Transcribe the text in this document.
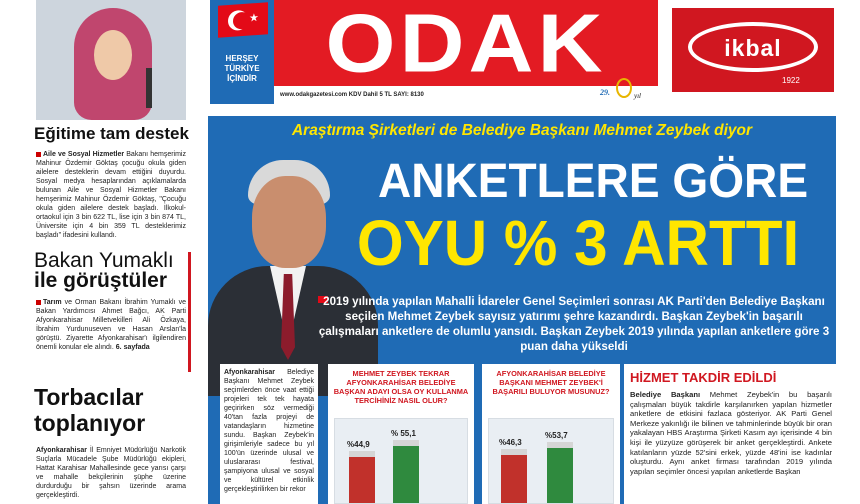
Eğitime tam destek

Aile ve Sosyal Hizmetler Bakanı hemşerimiz Mahinur Özdemir Göktaş çocuğu okula giden ailelere desteklerin devam ettiğini duyurdu. Sosyal medya hesaplarından açıklamalarda bulunan Aile ve Sosyal Hizmetler Bakanı hemşerimiz Mahinur Özdemir Göktaş, "Çocuğu okula giden ailelere destek başladı. İlkokul-ortaokul için 3 bin 622 TL, lise için 3 bin 874 TL, Üniversite için 4 bin 359 TL desteklerimiz başladı" ifadesini kullandı.

Bakan Yumaklı
ile görüştüler

Tarım ve Orman Bakanı İbrahim Yumaklı ve Bakan Yardımcısı Ahmet Bağcı, AK Parti Afyonkarahisar Milletvekilleri Ali Özkaya, İbrahim Yurdunuseven ve Hasan Arslan'la görüştü. Ziyarette Afyonkarahisar'ı ilgilendiren önemli konular ele alındı. 6. sayfada

Torbacılar
toplanıyor

Afyonkarahisar İl Emniyet Müdürlüğü Narkotik Suçlarla Mücadele Şube Müdürlüğü ekipleri, Hattat Karahisar Mahallesinde gece yarısı çarşı ve mahalle bekçilerinin şüphe üzerine durdurduğu bir şahsın üzerinde arama gerçekleştirdi.

★
HERŞEY
TÜRKİYE
İÇİNDİR ODAK
www.odakgazetesi.com KDV Dahil 5 TL SAYI: 8130	29.	yıl
ikbal
1922
Araştırma Şirketleri de Belediye Başkanı Mehmet Zeybek diyor
ANKETLERE GÖRE
OYU % 3 ARTTI
2019 yılında yapılan Mahalli İdareler Genel Seçimleri sonrası AK Parti'den Belediye Başkanı seçilen Mehmet Zeybek sayısız yatırımı şehre kazandırdı. Başkan Zeybek'in başarılı çalışmaları anketlere de olumlu yansıdı. Başkan Zeybek 2019 yılında yapılan anketlere göre 3 puan daha yükseldi

Afyonkarahisar Belediye Başkanı Mehmet Zeybek seçimlerden önce vaat ettiği projeleri tek tek hayata geçirirken söz vermediği 40'tan fazla projeyi de vatandaşların hizmetine sundu. Başkan Zeybek'in girişimleriyle sadece bu yıl 100'ün üzerinde ulusal ve uluslararası festival, şampiyona ulusal ve sosyal ve kültürel etkinlik gerçekleştirilirken bir rekor

MEHMET ZEYBEK TEKRAR AFYONKARAHİSAR BELEDİYE BAŞKAN ADAYI OLSA OY KULLANMA TERCİHİNİZ NASIL OLUR?
%44,9
% 55,1
AFYONKARAHİSAR BELEDİYE BAŞKANI MEHMET ZEYBEK'İ BAŞARILI BULUYOR MUSUNUZ?
%46,3
%53,7
HİZMET TAKDİR EDİLDİ

Belediye Başkanı Mehmet Zeybek'in bu başarılı çalışmaları büyük takdirle karşılanırken yapılan hizmetler anketlere de etkisini fazlaca gösteriyor. AK Parti Genel Merkeze yakınlığı ile bilinen ve tahminlerinde büyük bir oran yakalayan HBS Araştırma Şirketi Kasım ayı içerisinde 4 bin kişi ile yüzyüze görüşerek bir anket gerçekleştirdi. Ankete katılanların yüzde 52'sini erkek, yüzde 48'ini ise kadınlar oluşturdu. Aynı anket firması tarafından 2019 yılında yapılan seçimler öncesi yapılan anketlerde Başkan
